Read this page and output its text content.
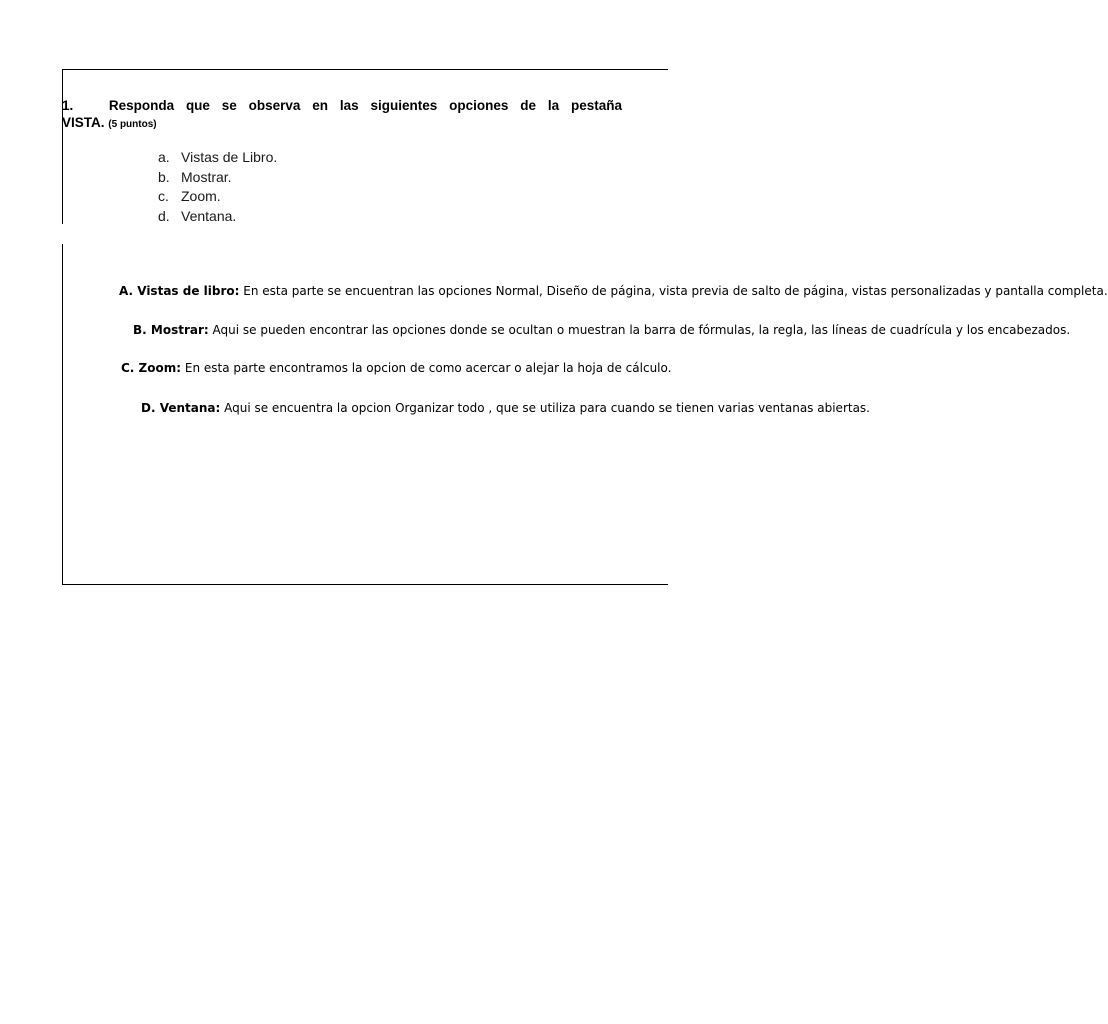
1.	Responda que se observa en las siguientes opciones de la pestaña
VISTA. (5 puntos)

a. Vistas de Libro.
b. Mostrar.
c. Zoom.
d. Ventana.
A. Vistas de libro: En esta parte se encuentran las opciones Normal, Diseño de página, vista previa de salto de página, vistas personalizadas y pantalla completa.
B. Mostrar: Aqui se pueden encontrar las opciones donde se ocultan o muestran la barra de fórmulas, la regla, las líneas de cuadrícula y los encabezados.
C. Zoom: En esta parte encontramos la opcion de como acercar o alejar la hoja de cálculo.
D. Ventana: Aqui se encuentra la opcion Organizar todo , que se utiliza para cuando se tienen varias ventanas abiertas.
